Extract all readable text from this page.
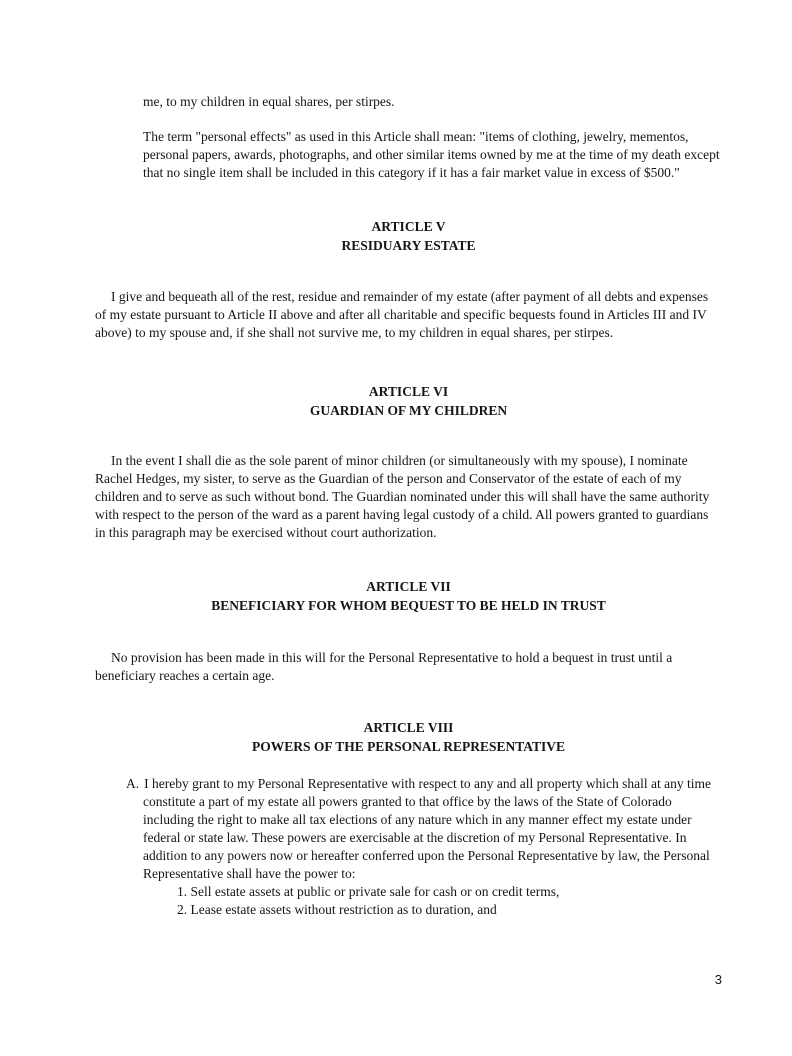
me, to my children in equal shares, per stirpes.

The term "personal effects" as used in this Article shall mean: "items of clothing, jewelry, mementos, personal papers, awards, photographs, and other similar items owned by me at the time of my death except that no single item shall be included in this category if it has a fair market value in excess of $500."

ARTICLE V
RESIDUARY ESTATE

I give and bequeath all of the rest, residue and remainder of my estate (after payment of all debts and expenses of my estate pursuant to Article II above and after all charitable and specific bequests found in Articles III and IV above) to my spouse and, if she shall not survive me, to my children in equal shares, per stirpes.

ARTICLE VI
GUARDIAN OF MY CHILDREN

In the event I shall die as the sole parent of minor children (or simultaneously with my spouse), I nominate Rachel Hedges, my sister, to serve as the Guardian of the person and Conservator of the estate of each of my children and to serve as such without bond. The Guardian nominated under this will shall have the same authority with respect to the person of the ward as a parent having legal custody of a child. All powers granted to guardians in this paragraph may be exercised without court authorization.

ARTICLE VII
BENEFICIARY FOR WHOM BEQUEST TO BE HELD IN TRUST

No provision has been made in this will for the Personal Representative to hold a bequest in trust until a beneficiary reaches a certain age.

ARTICLE VIII
POWERS OF THE PERSONAL REPRESENTATIVE
A. I hereby grant to my Personal Representative with respect to any and all property which shall at any time constitute a part of my estate all powers granted to that office by the laws of the State of Colorado including the right to make all tax elections of any nature which in any manner effect my estate under federal or state law. These powers are exercisable at the discretion of my Personal Representative. In addition to any powers now or hereafter conferred upon the Personal Representative by law, the Personal Representative shall have the power to:
1. Sell estate assets at public or private sale for cash or on credit terms,
2. Lease estate assets without restriction as to duration, and
3
